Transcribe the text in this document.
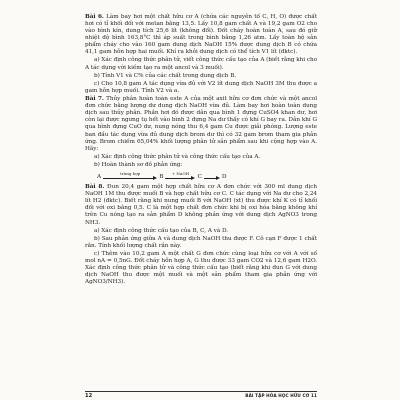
Bài 6. Làm bay hơi một chất hữu cơ A (chứa các nguyên tố C, H, O) được chất hơi có tỉ khối đối với metan bằng 13,5. Lấy 10,8 gam chất A và 19,2 gam O2 cho vào bình kín, dung tích 25,6 lít (không đổi). Đốt cháy hoàn toàn A, sau đó giữ nhiệt độ bình 163,8°C thì áp suất trong bình bằng 1,26 atm. Lấy toàn bộ sản phẩm cháy cho vào 160 gam dung dịch NaOH 15% được dung dịch B có chứa 41,1 gam hỗn hợp hai muối. Khí ra khỏi dung dịch có thể tích V1 lít (đktc).

a) Xác định công thức phân tử, viết công thức cấu tạo của A (biết rằng khi cho A tác dụng với kiềm tạo ra một ancol và 3 muối).

b) Tính V1 và C% của các chất trong dung dịch B.

c) Cho 10,8 gam A tác dụng vừa đủ với V2 lít dung dịch NaOH 3M thu được a gam hỗn hợp muối. Tính V2 và a.

Bài 7. Thủy phân hoàn toàn este A của một axit hữu cơ đơn chức và một ancol đơn chức bằng lượng dư dung dịch NaOH vừa đủ. Làm bay hơi hoàn toàn dung dịch sau thủy phân. Phần hơi đó được dẫn qua bình 1 đựng CuSO4 khan dư, hơi còn lại được ngưng tụ hết vào bình 2 đựng Na dư thấy có khí G bay ra. Dẫn khí G qua bình đựng CuO dư, nung nóng thu 6,4 gam Cu được giải phóng. Lượng este ban đầu tác dụng vừa đủ dung dịch brom dư thì có 32 gam brom tham gia phản ứng. Brom chiếm 65,04% khối lượng phân tử sản phẩm sau khi cộng hợp vào A. Hãy:

a) Xác định công thức phân tử và công thức cấu tạo của A.

b) Hoàn thành sơ đồ phản ứng:

A	trùng hợp	B	+ NaOH	C	D

Bài 8. Đun 20,4 gam một hợp chất hữu cơ A đơn chức với 300 ml dung dịch NaOH 1M thu được muối B và hợp chất hữu cơ C. C tác dụng với Na dư cho 2,24 lít H2 (đktc). Biết rằng khi nung muối B với NaOH (xt) thu được khí K có tỉ khối đối với oxi bằng 0,5. C là một hợp chất đơn chức khi bị oxi hóa bằng không khí trên Cu nóng tạo ra sản phẩm D không phản ứng với dung dịch AgNO3 trong NH3.

a) Xác định công thức cấu tạo của B, C, A và D.

b) Sau phản ứng giữa A và dung dịch NaOH thu được F. Cô cạn F được 1 chất rắn. Tính khối lượng chất rắn này.

c) Thêm vào 10,2 gam A một chất G đơn chức cùng loại hữu cơ với A với số mol nA = 0,5nG. Đốt cháy hỗn hợp A, G thu được 33 gam CO2 và 12,6 gam H2O. Xác định công thức phân tử và công thức cấu tạo (biết rằng khi đun G với dung dịch NaOH thu được một muối và một sản phẩm tham gia phản ứng với AgNO3/NH3).

12	BÀI TẬP HÓA HỌC HỮU CƠ 11
